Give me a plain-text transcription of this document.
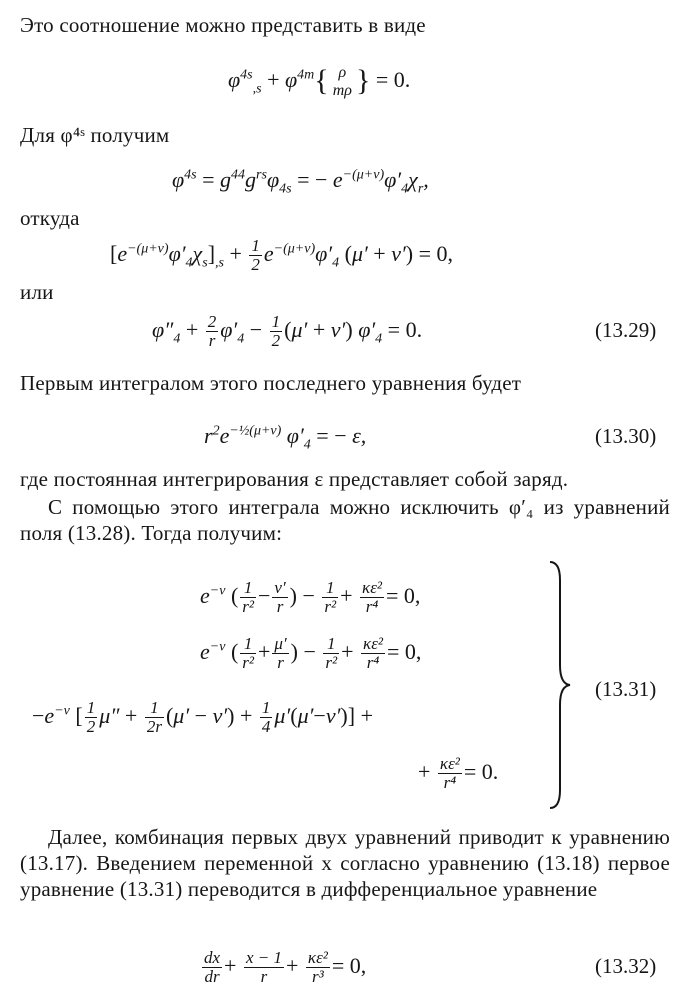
Это соотношение можно представить в виде
$\varphi^{4s}_{,s} + \varphi^{4m}${ ρ
mρ } = 0.
Для φ⁴ˢ получим
$\varphi^{4s} = g^{44}g^{rs}\varphi_{4s}$ = − $e^{-(\mu+\nu)}\varphi'_4\chi_r$,
откуда
$[e^{-(\mu+\nu)}\varphi'_4\chi_s]_{,s} + \frac{1}{2} e^{-(\mu+\nu)}\varphi'_4$ (μ′ + ν′) = 0,
или
$\varphi''_4 + \frac{2}{r} \varphi'_4 - \frac{1}{2} (\mu' + \nu') \varphi'_4 = 0$.	(13.29)
Первым интегралом этого последнего уравнения будет
$r^2e^{-\frac{1}{2}(\mu+\nu)}$ $\varphi'_4$ = − ε,	(13.30)
где постоянная интегрирования ε представляет собой заряд.
С помощью этого интеграла можно исключить φ′₄ из уравнений поля (13.28). Тогда получим:
$e^{-\nu}$ ( $\frac{1}{\text{r²}} - \frac{\nu'}{r}$ ) − $\frac{1}{\text{r²}} + \frac{\text{κε²}}{\text{r⁴}} = 0$,
$e^{-\nu}$ ( $\frac{1}{\text{r²}} + \frac{\mu'}{r}$ ) − $\frac{1}{\text{r²}} + \frac{\text{κε²}}{\text{r⁴}} = 0$,
$-e^{-\nu}$ [ $\frac{1}{2} \mu'' + \frac{1}{2r} (\mu' - \nu') + \frac{1}{4} \mu'(\mu'-\nu')$] +
+ $\frac{\text{κε²}}{\text{r⁴}} = 0$.
(13.31)
Далее, комбинация первых двух уравнений приводит к уравнению (13.17). Введением переменной x согласно уравнению (13.18) первое уравнение (13.31) переводится в дифференциальное уравнение
$\frac{dx}{dr} + \frac{x - 1}{r} + \frac{\text{κε²}}{\text{r³}} = 0$,	(13.32)
